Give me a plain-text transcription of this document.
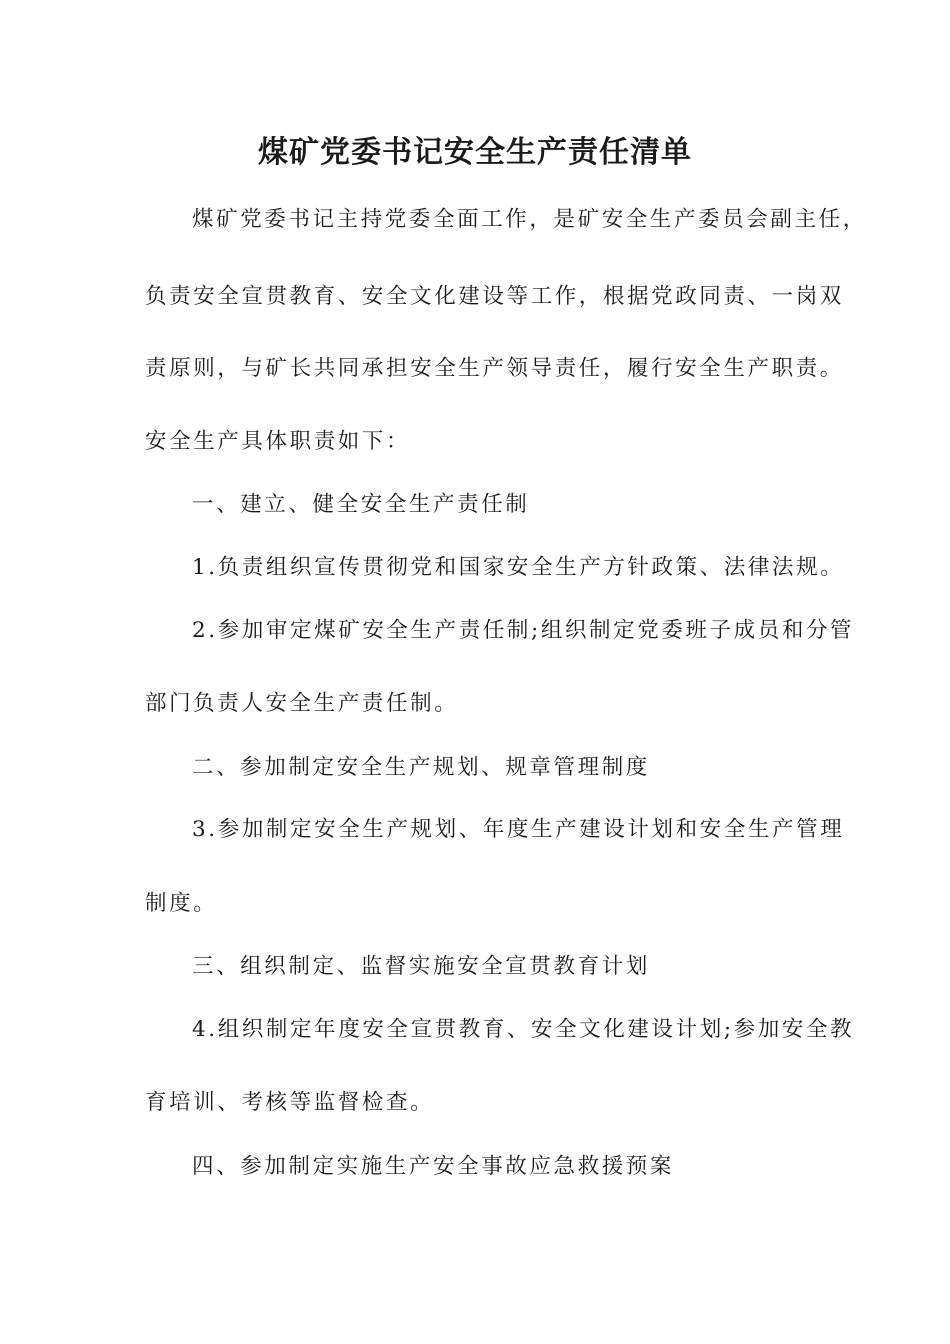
煤矿党委书记安全生产责任清单

煤矿党委书记主持党委全面工作，是矿安全生产委员会副主任，

负责安全宣贯教育、安全文化建设等工作，根据党政同责、一岗双

责原则，与矿长共同承担安全生产领导责任，履行安全生产职责。

安全生产具体职责如下：

一、建立、健全安全生产责任制

1.负责组织宣传贯彻党和国家安全生产方针政策、法律法规。

2.参加审定煤矿安全生产责任制;组织制定党委班子成员和分管

部门负责人安全生产责任制。

二、参加制定安全生产规划、规章管理制度

3.参加制定安全生产规划、年度生产建设计划和安全生产管理

制度。

三、组织制定、监督实施安全宣贯教育计划

4.组织制定年度安全宣贯教育、安全文化建设计划;参加安全教

育培训、考核等监督检查。

四、参加制定实施生产安全事故应急救援预案
